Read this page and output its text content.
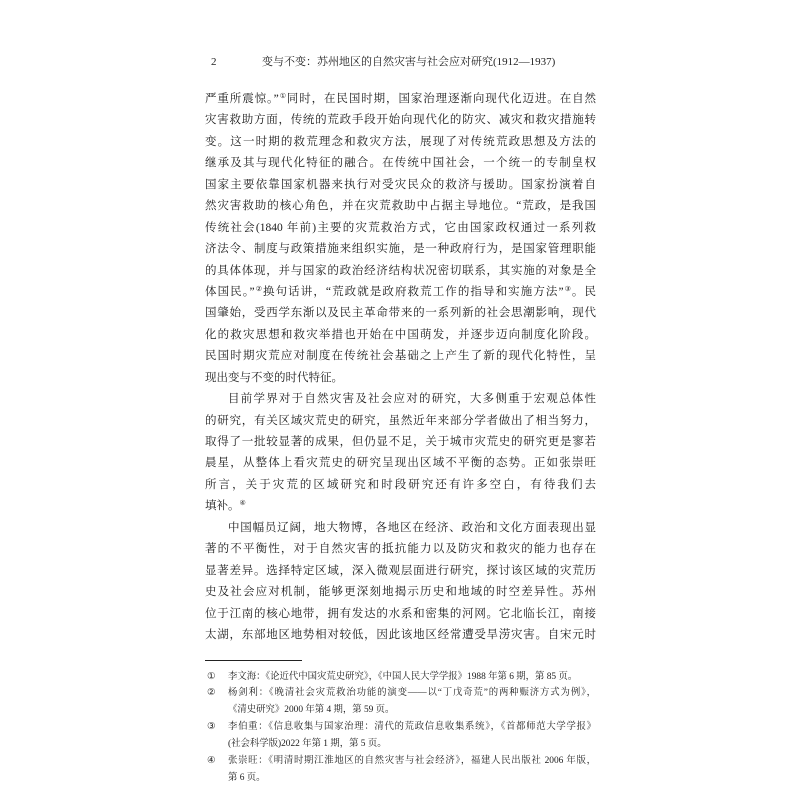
2	变与不变：苏州地区的自然灾害与社会应对研究(1912—1937)
严重所震惊。”①同时，在民国时期，国家治理逐渐向现代化迈进。在自然
灾害救助方面，传统的荒政手段开始向现代化的防灾、减灾和救灾措施转
变。这一时期的救荒理念和救灾方法，展现了对传统荒政思想及方法的
继承及其与现代化特征的融合。在传统中国社会，一个统一的专制皇权
国家主要依靠国家机器来执行对受灾民众的救济与援助。国家扮演着自
然灾害救助的核心角色，并在灾荒救助中占据主导地位。“荒政，是我国
传统社会(1840 年前)主要的灾荒救治方式，它由国家政权通过一系列救
济法令、制度与政策措施来组织实施，是一种政府行为，是国家管理职能
的具体体现，并与国家的政治经济结构状况密切联系，其实施的对象是全
体国民。”②换句话讲，“荒政就是政府救荒工作的指导和实施方法”③。民
国肇始，受西学东渐以及民主革命带来的一系列新的社会思潮影响，现代
化的救灾思想和救灾举措也开始在中国萌发，并逐步迈向制度化阶段。
民国时期灾荒应对制度在传统社会基础之上产生了新的现代化特性，呈
现出变与不变的时代特征。
目前学界对于自然灾害及社会应对的研究，大多侧重于宏观总体性
的研究，有关区域灾荒史的研究，虽然近年来部分学者做出了相当努力，
取得了一批较显著的成果，但仍显不足，关于城市灾荒史的研究更是寥若
晨星，从整体上看灾荒史的研究呈现出区域不平衡的态势。正如张崇旺
所言，关于灾荒的区域研究和时段研究还有许多空白，有待我们去
填补。④
中国幅员辽阔，地大物博，各地区在经济、政治和文化方面表现出显
著的不平衡性，对于自然灾害的抵抗能力以及防灾和救灾的能力也存在
显著差异。选择特定区域，深入微观层面进行研究，探讨该区域的灾荒历
史及社会应对机制，能够更深刻地揭示历史和地域的时空差异性。苏州
位于江南的核心地带，拥有发达的水系和密集的河网。它北临长江，南接
太湖，东部地区地势相对较低，因此该地区经常遭受旱涝灾害。自宋元时
①	李文海：《论近代中国灾荒史研究》，《中国人民大学学报》1988 年第 6 期，第 85 页。
②	杨剑利：《晚清社会灾荒救治功能的演变——以“丁戊奇荒”的两种赈济方式为例》，
《清史研究》2000 年第 4 期，第 59 页。
③	李伯重：《信息收集与国家治理：清代的荒政信息收集系统》，《首都师范大学学报》
(社会科学版)2022 年第 1 期，第 5 页。
④	张崇旺：《明清时期江淮地区的自然灾害与社会经济》，福建人民出版社 2006 年版，
第 6 页。
